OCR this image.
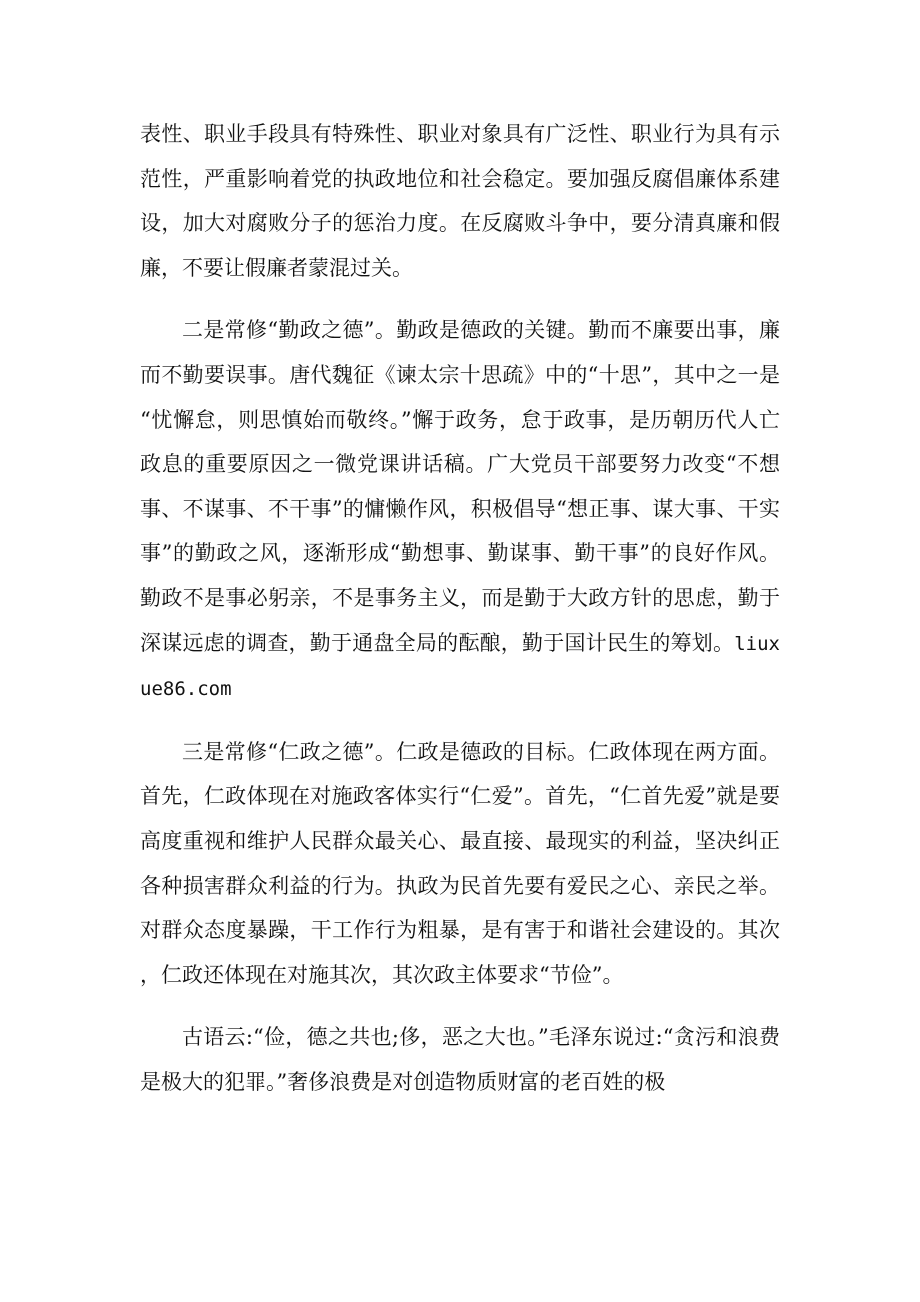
表性、职业手段具有特殊性、职业对象具有广泛性、职业行为具有示范性，严重影响着党的执政地位和社会稳定。要加强反腐倡廉体系建设，加大对腐败分子的惩治力度。在反腐败斗争中，要分清真廉和假廉，不要让假廉者蒙混过关。

二是常修“勤政之德”。勤政是德政的关键。勤而不廉要出事，廉而不勤要误事。唐代魏征《谏太宗十思疏》中的“十思”，其中之一是“忧懈怠，则思慎始而敬终。”懈于政务，怠于政事，是历朝历代人亡政息的重要原因之一微党课讲话稿。广大党员干部要努力改变“不想事、不谋事、不干事”的慵懒作风，积极倡导“想正事、谋大事、干实事”的勤政之风，逐渐形成“勤想事、勤谋事、勤干事”的良好作风。勤政不是事必躬亲，不是事务主义，而是勤于大政方针的思虑，勤于深谋远虑的调查，勤于通盘全局的酝酿，勤于国计民生的筹划。liuxue86.com

三是常修“仁政之德”。仁政是德政的目标。仁政体现在两方面。首先，仁政体现在对施政客体实行“仁爱”。首先，“仁首先爱”就是要高度重视和维护人民群众最关心、最直接、最现实的利益，坚决纠正各种损害群众利益的行为。执政为民首先要有爱民之心、亲民之举。对群众态度暴躁，干工作行为粗暴，是有害于和谐社会建设的。其次，仁政还体现在对施其次，其次政主体要求“节俭”。

古语云:“俭，德之共也;侈，恶之大也。”毛泽东说过:“贪污和浪费是极大的犯罪。”奢侈浪费是对创造物质财富的老百姓的极
